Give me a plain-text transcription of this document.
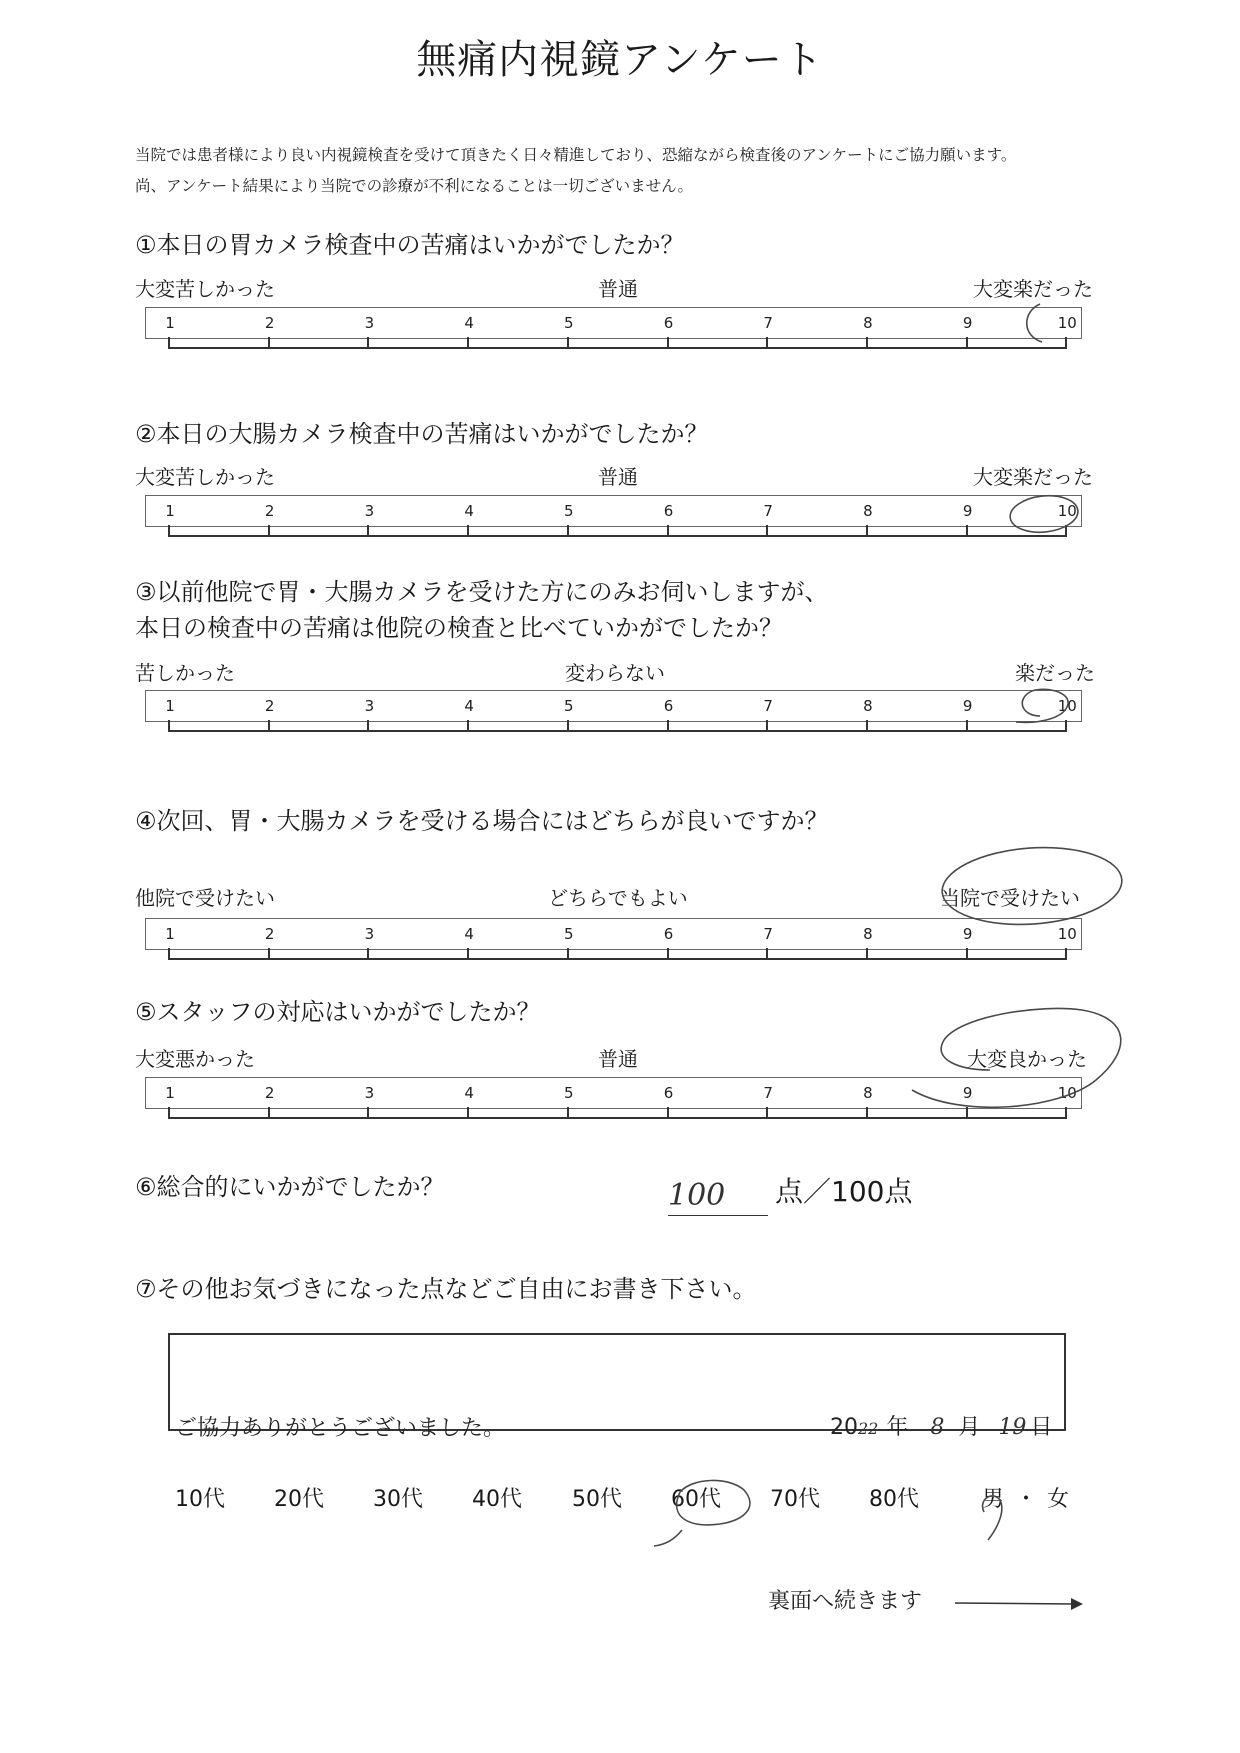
無痛内視鏡アンケート
当院では患者様により良い内視鏡検査を受けて頂きたく日々精進しており、恐縮ながら検査後のアンケートにご協力願います。
尚、アンケート結果により当院での診療が不利になることは一切ございません。
①本日の胃カメラ検査中の苦痛はいかがでしたか？
大変苦しかった	普通	大変楽だった
1	2	3	4	5	6	7	8	9	10
②本日の大腸カメラ検査中の苦痛はいかがでしたか？
大変苦しかった	普通	大変楽だった
1	2	3	4	5	6	7	8	9	10
③以前他院で胃・大腸カメラを受けた方にのみお伺いしますが、
本日の検査中の苦痛は他院の検査と比べていかがでしたか？
苦しかった	変わらない	楽だった
1	2	3	4	5	6	7	8	9	10
④次回、胃・大腸カメラを受ける場合にはどちらが良いですか？
他院で受けたい	どちらでもよい	当院で受けたい
1	2	3	4	5	6	7	8	9	10
⑤スタッフの対応はいかがでしたか？
大変悪かった	普通	大変良かった
1	2	3	4	5	6	7	8	9	10
⑥総合的にいかがでしたか？	100 点／100点
⑦その他お気づきになった点などご自由にお書き下さい。
ご協力ありがとうございました。	2022 年 8 月 19 日
10代 20代 30代 40代 50代 60代 70代 80代	男 ・ 女
裏面へ続きます
